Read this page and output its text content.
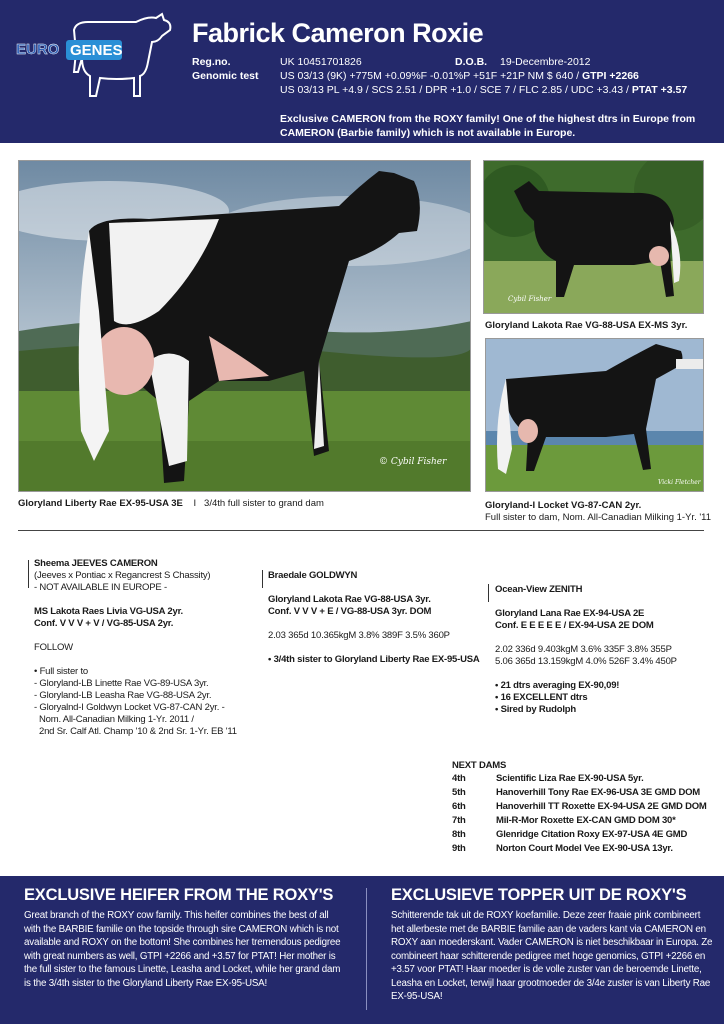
EURO GENES
Fabrick Cameron Roxie
Reg.no.	UK 10451701826	D.O.B. 19-Decembre-2012
Genomic test US 03/13 (9K) +775M +0.09%F -0.01%P +51F +21P NM $ 640 / GTPI +2266
US 03/13 PL +4.9 / SCS 2.51 / DPR +1.0 / SCE 7 / FLC 2.85 / UDC +3.43 / PTAT +3.57
Exclusive CAMERON from the ROXY family! One of the highest dtrs in Europe from CAMERON (Barbie family) which is not available in Europe.
© Cybil Fisher
Gloryland Liberty Rae EX-95-USA 3E I 3/4th full sister to grand dam
Cybil Fisher
Gloryland Lakota Rae VG-88-USA EX-MS 3yr.
Vicki Fletcher
Gloryland-I Locket VG-87-CAN 2yr.
Full sister to dam, Nom. All-Canadian Milking 1-Yr. '11
Sheema JEEVES CAMERON
(Jeeves x Pontiac x Regancrest S Chassity)
- NOT AVAILABLE IN EUROPE -
MS Lakota Raes Livia VG-USA 2yr.
Conf. V V V + V / VG-85-USA 2yr.
FOLLOW
• Full sister to
- Gloryland-LB Linette Rae VG-89-USA 3yr.
- Gloryland-LB Leasha Rae VG-88-USA 2yr.
- Gloryalnd-I Goldwyn Locket VG-87-CAN 2yr. -
Nom. All-Canadian Milking 1-Yr. 2011 /
2nd Sr. Calf Atl. Champ '10 & 2nd Sr. 1-Yr. EB '11
Braedale GOLDWYN
Gloryland Lakota Rae VG-88-USA 3yr.
Conf. V V V + E / VG-88-USA 3yr. DOM
2.03 365d 10.365kgM 3.8% 389F 3.5% 360P
• 3/4th sister to Gloryland Liberty Rae EX-95-USA
Ocean-View ZENITH
Gloryland Lana Rae EX-94-USA 2E
Conf. E E E E E / EX-94-USA 2E DOM
2.02 336d 9.403kgM 3.6% 335F 3.8% 355P
5.06 365d 13.159kgM 4.0% 526F 3.4% 450P
• 21 dtrs averaging EX-90,09!
• 16 EXCELLENT dtrs
• Sired by Rudolph
NEXT DAMS
4th	Scientific Liza Rae EX-90-USA 5yr.
5th	Hanoverhill Tony Rae EX-96-USA 3E GMD DOM
6th	Hanoverhill TT Roxette EX-94-USA 2E GMD DOM
7th	Mil-R-Mor Roxette EX-CAN GMD DOM 30*
8th	Glenridge Citation Roxy EX-97-USA 4E GMD
9th	Norton Court Model Vee EX-90-USA 13yr.
EXCLUSIVE HEIFER FROM THE ROXY'S
Great branch of the ROXY cow family. This heifer combines the best of all with the BARBIE familie on the topside through sire CAMERON which is not available and ROXY on the bottom! She combines her tremendous pedigree with great numbers as well, GTPI +2266 and +3.57 for PTAT! Her mother is the full sister to the famous Linette, Leasha and Locket, while her grand dam is the 3/4th sister to the Gloryland Liberty Rae EX-95-USA!
EXCLUSIEVE TOPPER UIT DE ROXY'S
Schitterende tak uit de ROXY koefamilie. Deze zeer fraaie pink combineert het allerbeste met de BARBIE familie aan de vaders kant via CAMERON en ROXY aan moederskant. Vader CAMERON is niet beschikbaar in Europa. Ze combineert haar schitterende pedigree met hoge genomics, GTPI +2266 en +3.57 voor PTAT! Haar moeder is de volle zuster van de beroemde Linette, Leasha en Locket, terwijl haar grootmoeder de 3/4e zuster is van Liberty Rae EX-95-USA!
